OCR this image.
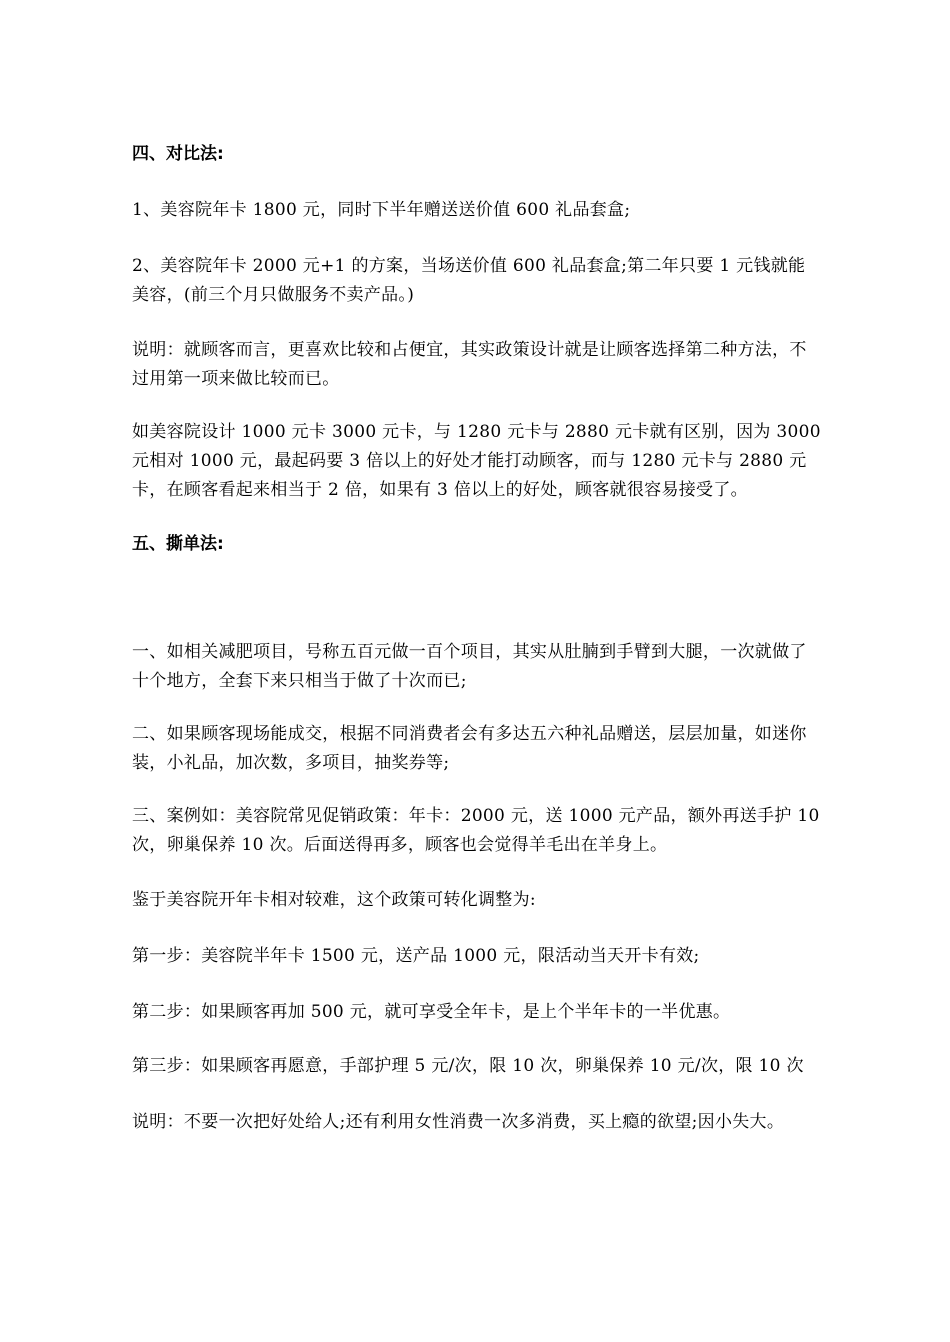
四、对比法:

1、美容院年卡 1800 元，同时下半年赠送送价值 600 礼品套盒;

2、美容院年卡 2000 元+1 的方案，当场送价值 600 礼品套盒;第二年只要 1 元钱就能美容，(前三个月只做服务不卖产品。)

说明：就顾客而言，更喜欢比较和占便宜，其实政策设计就是让顾客选择第二种方法，不过用第一项来做比较而已。

如美容院设计 1000 元卡 3000 元卡，与 1280 元卡与 2880 元卡就有区别，因为 3000 元相对 1000 元，最起码要 3 倍以上的好处才能打动顾客，而与 1280 元卡与 2880 元卡，在顾客看起来相当于 2 倍，如果有 3 倍以上的好处，顾客就很容易接受了。

五、撕单法:

一、如相关减肥项目，号称五百元做一百个项目，其实从肚腩到手臂到大腿，一次就做了十个地方，全套下来只相当于做了十次而已;

二、如果顾客现场能成交，根据不同消费者会有多达五六种礼品赠送，层层加量，如迷你装，小礼品，加次数，多项目，抽奖券等;

三、案例如：美容院常见促销政策：年卡：2000 元，送 1000 元产品，额外再送手护 10 次，卵巢保养 10 次。后面送得再多，顾客也会觉得羊毛出在羊身上。

鉴于美容院开年卡相对较难，这个政策可转化调整为:

第一步：美容院半年卡 1500 元，送产品 1000 元，限活动当天开卡有效;

第二步：如果顾客再加 500 元，就可享受全年卡，是上个半年卡的一半优惠。

第三步：如果顾客再愿意，手部护理 5 元/次，限 10 次，卵巢保养 10 元/次，限 10 次

说明：不要一次把好处给人;还有利用女性消费一次多消费，买上瘾的欲望;因小失大。
